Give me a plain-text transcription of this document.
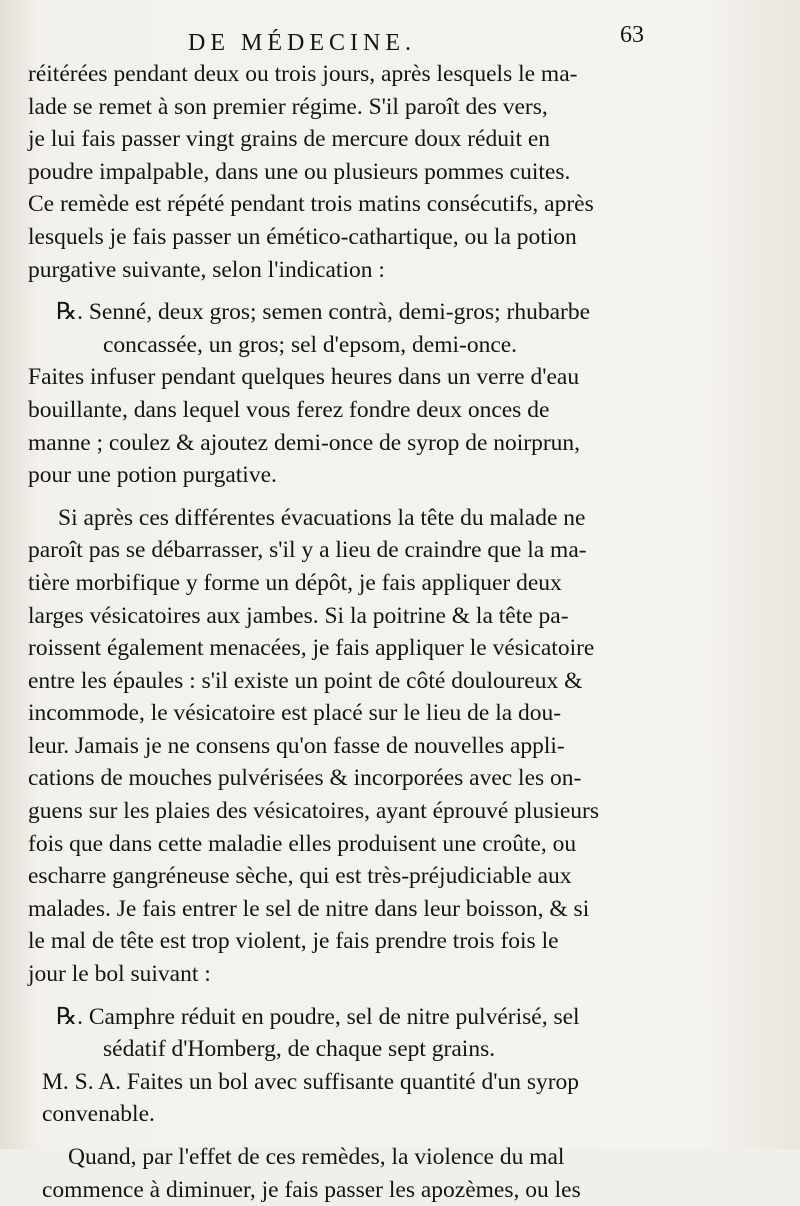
DE MÉDECINE.	63
réitérées pendant deux ou trois jours, après lesquels le ma-
lade se remet à son premier régime. S'il paroît des vers,
je lui fais passer vingt grains de mercure doux réduit en
poudre impalpable, dans une ou plusieurs pommes cuites.
Ce remède est répété pendant trois matins consécutifs, après
lesquels je fais passer un émético-cathartique, ou la potion
purgative suivante, selon l'indication :
℞. Senné, deux gros; semen contrà, demi-gros; rhubarbe
concassée, un gros; sel d'epsom, demi-once.
Faites infuser pendant quelques heures dans un verre d'eau
bouillante, dans lequel vous ferez fondre deux onces de
manne ; coulez & ajoutez demi-once de syrop de noirprun,
pour une potion purgative.
Si après ces différentes évacuations la tête du malade ne
paroît pas se débarrasser, s'il y a lieu de craindre que la ma-
tière morbifique y forme un dépôt, je fais appliquer deux
larges vésicatoires aux jambes. Si la poitrine & la tête pa-
roissent également menacées, je fais appliquer le vésicatoire
entre les épaules : s'il existe un point de côté douloureux &
incommode, le vésicatoire est placé sur le lieu de la dou-
leur. Jamais je ne consens qu'on fasse de nouvelles appli-
cations de mouches pulvérisées & incorporées avec les on-
guens sur les plaies des vésicatoires, ayant éprouvé plusieurs
fois que dans cette maladie elles produisent une croûte, ou
escharre gangréneuse sèche, qui est très-préjudiciable aux
malades. Je fais entrer le sel de nitre dans leur boisson, & si
le mal de tête est trop violent, je fais prendre trois fois le
jour le bol suivant :
℞. Camphre réduit en poudre, sel de nitre pulvérisé, sel
sédatif d'Homberg, de chaque sept grains.
M. S. A. Faites un bol avec suffisante quantité d'un syrop
convenable.
Quand, par l'effet de ces remèdes, la violence du mal
commence à diminuer, je fais passer les apozèmes, ou les
